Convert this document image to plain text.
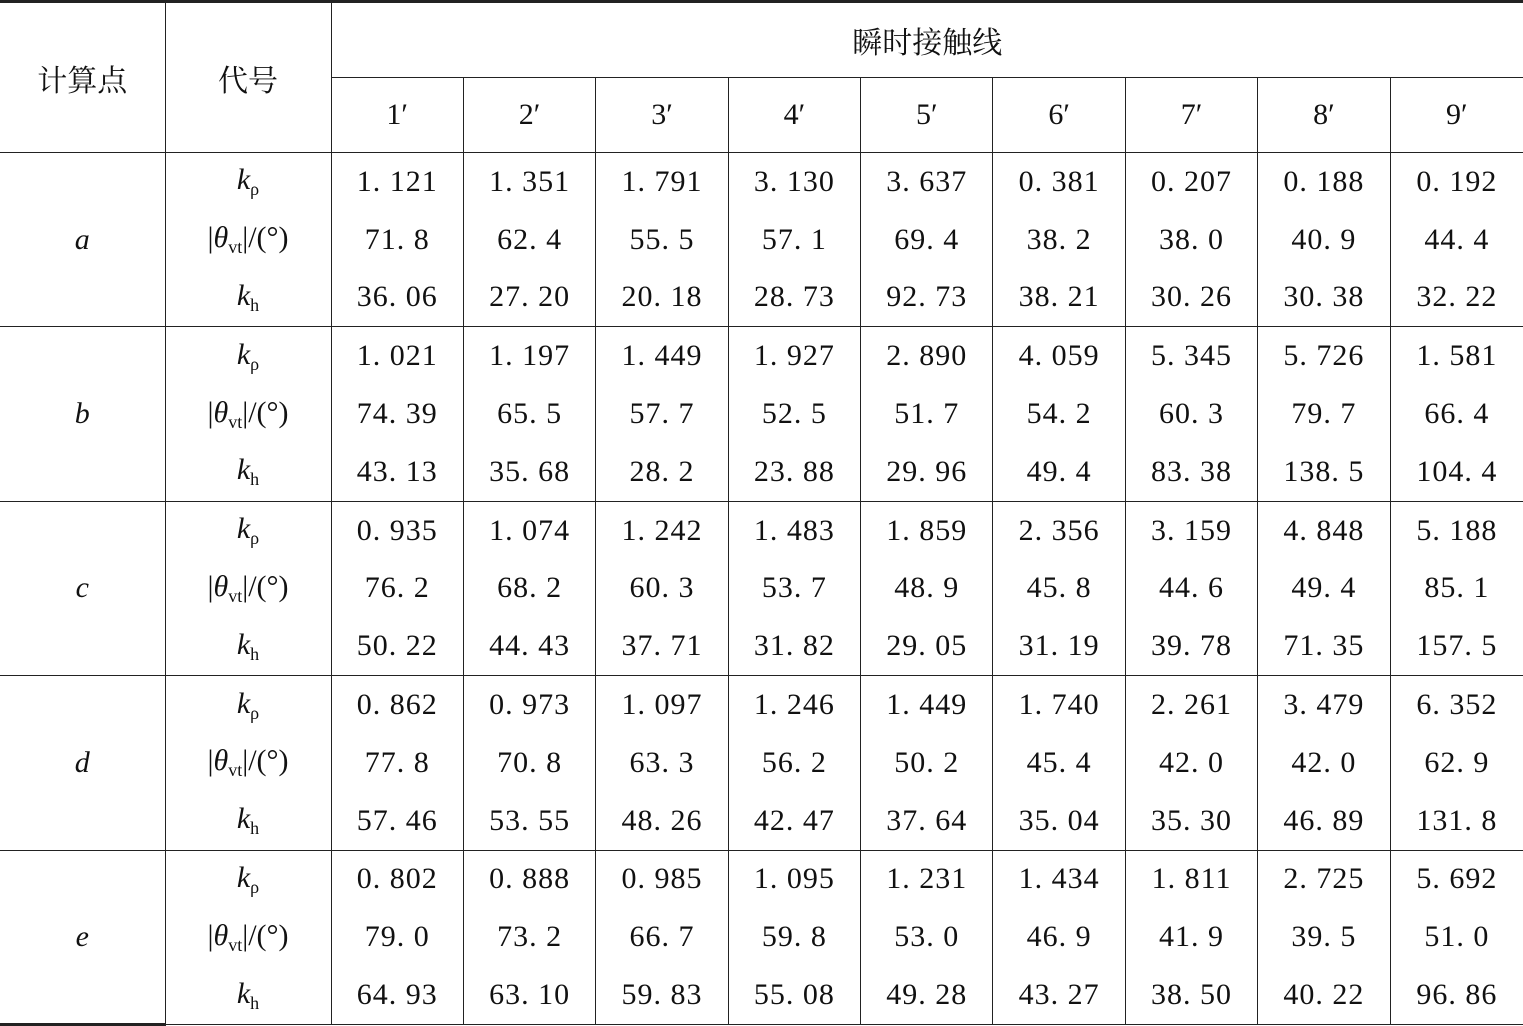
计算点	代号	瞬时接触线								
		1′	2′	3′	4′	5′	6′	7′	8′	9′
a	$k_\rho$	1. 121	1. 351	1. 791	3. 130	3. 637	0. 381	0. 207	0. 188	0. 192
	$|\theta_{vt}|/(^\circ)$	71. 8	62. 4	55. 5	57. 1	69. 4	38. 2	38. 0	40. 9	44. 4
	$k_h$	36. 06	27. 20	20. 18	28. 73	92. 73	38. 21	30. 26	30. 38	32. 22
b	$k_\rho$	1. 021	1. 197	1. 449	1. 927	2. 890	4. 059	5. 345	5. 726	1. 581
	$|\theta_{vt}|/(^\circ)$	74. 39	65. 5	57. 7	52. 5	51. 7	54. 2	60. 3	79. 7	66. 4
	$k_h$	43. 13	35. 68	28. 2	23. 88	29. 96	49. 4	83. 38	138. 5	104. 4
c	$k_\rho$	0. 935	1. 074	1. 242	1. 483	1. 859	2. 356	3. 159	4. 848	5. 188
	$|\theta_{vt}|/(^\circ)$	76. 2	68. 2	60. 3	53. 7	48. 9	45. 8	44. 6	49. 4	85. 1
	$k_h$	50. 22	44. 43	37. 71	31. 82	29. 05	31. 19	39. 78	71. 35	157. 5
d	$k_\rho$	0. 862	0. 973	1. 097	1. 246	1. 449	1. 740	2. 261	3. 479	6. 352
	$|\theta_{vt}|/(^\circ)$	77. 8	70. 8	63. 3	56. 2	50. 2	45. 4	42. 0	42. 0	62. 9
	$k_h$	57. 46	53. 55	48. 26	42. 47	37. 64	35. 04	35. 30	46. 89	131. 8
e	$k_\rho$	0. 802	0. 888	0. 985	1. 095	1. 231	1. 434	1. 811	2. 725	5. 692
	$|\theta_{vt}|/(^\circ)$	79. 0	73. 2	66. 7	59. 8	53. 0	46. 9	41. 9	39. 5	51. 0
	$k_h$	64. 93	63. 10	59. 83	55. 08	49. 28	43. 27	38. 50	40. 22	96. 86
